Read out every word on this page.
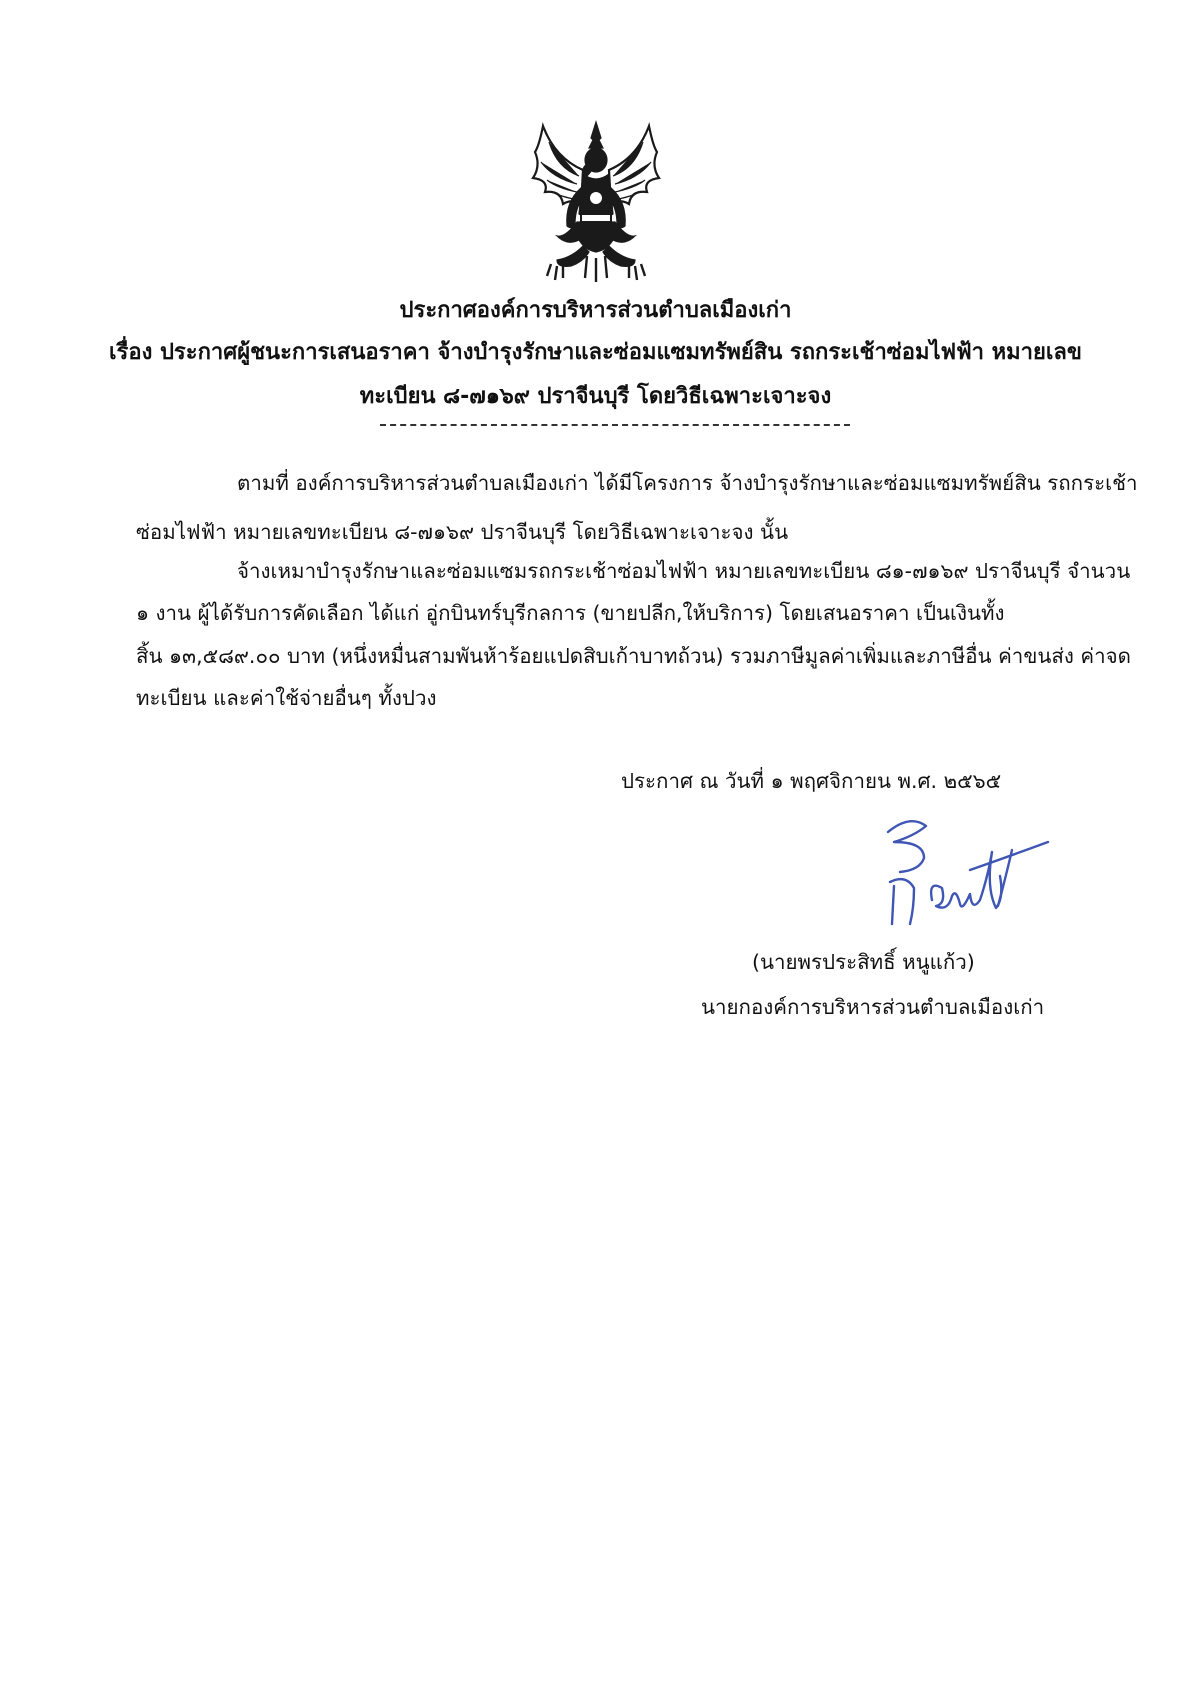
ประกาศองค์การบริหารส่วนตำบลเมืองเก่า
เรื่อง ประกาศผู้ชนะการเสนอราคา จ้างบำรุงรักษาและซ่อมแซมทรัพย์สิน รถกระเช้าซ่อมไฟฟ้า หมายเลข
ทะเบียน ๘-๗๑๖๙ ปราจีนบุรี โดยวิธีเฉพาะเจาะจง
ตามที่ องค์การบริหารส่วนตำบลเมืองเก่า ได้มีโครงการ จ้างบำรุงรักษาและซ่อมแซมทรัพย์สิน รถกระเช้า
ซ่อมไฟฟ้า หมายเลขทะเบียน ๘-๗๑๖๙ ปราจีนบุรี โดยวิธีเฉพาะเจาะจง นั้น
จ้างเหมาบำรุงรักษาและซ่อมแซมรถกระเช้าซ่อมไฟฟ้า หมายเลขทะเบียน ๘๑-๗๑๖๙ ปราจีนบุรี จำนวน
๑ งาน ผู้ได้รับการคัดเลือก ได้แก่ อู่กบินทร์บุรีกลการ (ขายปลีก,ให้บริการ) โดยเสนอราคา เป็นเงินทั้ง
สิ้น ๑๓,๕๘๙.๐๐ บาท (หนึ่งหมื่นสามพันห้าร้อยแปดสิบเก้าบาทถ้วน) รวมภาษีมูลค่าเพิ่มและภาษีอื่น ค่าขนส่ง ค่าจด
ทะเบียน และค่าใช้จ่ายอื่นๆ ทั้งปวง
ประกาศ ณ วันที่ ๑ พฤศจิกายน พ.ศ. ๒๕๖๕
(นายพรประสิทธิ์ หนูแก้ว)
นายกองค์การบริหารส่วนตำบลเมืองเก่า
